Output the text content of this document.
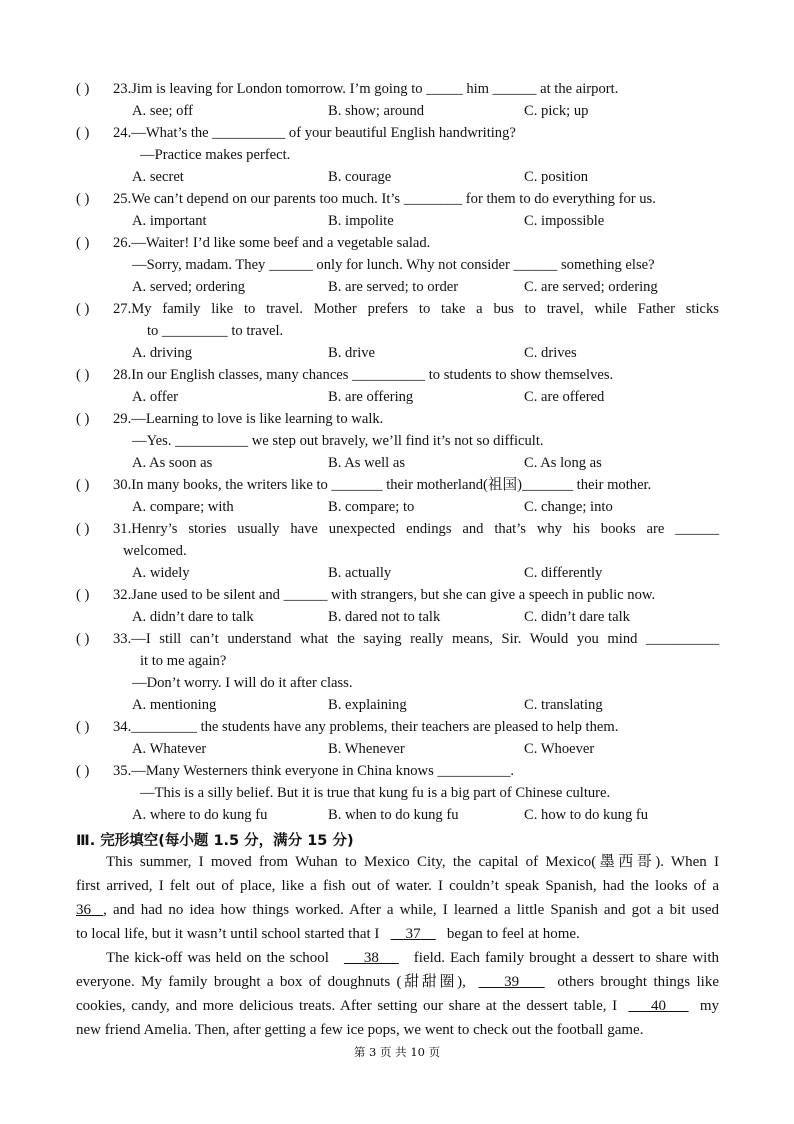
( ) 23.Jim is leaving for London tomorrow. I’m going to _____ him ______ at the airport.
A. see; off	B. show; around	C. pick; up
( ) 24.—What’s the __________ of your beautiful English handwriting?
—Practice makes perfect.
A. secret	B. courage	C. position
( ) 25.We can’t depend on our parents too much. It’s ________ for them to do everything for us.
A. important	B. impolite	C. impossible
( ) 26.—Waiter! I’d like some beef and a vegetable salad.
—Sorry, madam. They ______ only for lunch. Why not consider ______ something else?
A. served; ordering	B. are served; to order	C. are served; ordering
( ) 27.My family like to travel. Mother prefers to take a bus to travel, while Father sticks
to _________ to travel.
A. driving	B. drive	C. drives
( ) 28.In our English classes, many chances __________ to students to show themselves.
A. offer	B. are offering	C. are offered
( ) 29.—Learning to love is like learning to walk.
—Yes. __________ we step out bravely, we’ll find it’s not so difficult.
A. As soon as	B. As well as	C. As long as
( ) 30.In many books, the writers like to _______ their motherland(祖国)_______ their mother.
A. compare; with	B. compare; to	C. change; into
( ) 31.Henry’s stories usually have unexpected endings and that’s why his books are ______
welcomed.
A. widely	B. actually	C. differently
( ) 32.Jane used to be silent and ______ with strangers, but she can give a speech in public now.
A. didn’t dare to talk	B. dared not to talk	C. didn’t dare talk
( ) 33.—I still can’t understand what the saying really means, Sir. Would you mind __________
it to me again?
—Don’t worry. I will do it after class.
A. mentioning	B. explaining	C. translating
( ) 34._________ the students have any problems, their teachers are pleased to help them.
A. Whatever	B. Whenever	C. Whoever
( ) 35.—Many Westerners think everyone in China knows __________.
—This is a silly belief. But it is true that kung fu is a big part of Chinese culture.
A. where to do kung fu	B. when to do kung fu	C. how to do kung fu
Ⅲ. 完形填空(每小题 1.5 分，满分 15 分)
This summer, I moved from Wuhan to Mexico City, the capital of Mexico(墨西哥). When I
first arrived, I felt out of place, like a fish out of water. I couldn’t speak Spanish, had the looks of a
36 , and had no idea how things worked. After a while, I learned a little Spanish and got a bit used
to local life, but it wasn’t until school started that I 37 began to feel at home.
The kick-off was held on the school 38 field. Each family brought a dessert to share with
everyone. My family brought a box of doughnuts (甜甜圈),	39	others brought things like
cookies, candy, and more delicious treats. After setting our share at the dessert table, I 40 my
new friend Amelia. Then, after getting a few ice pops, we went to check out the football game.
第 3 页 共 10 页
